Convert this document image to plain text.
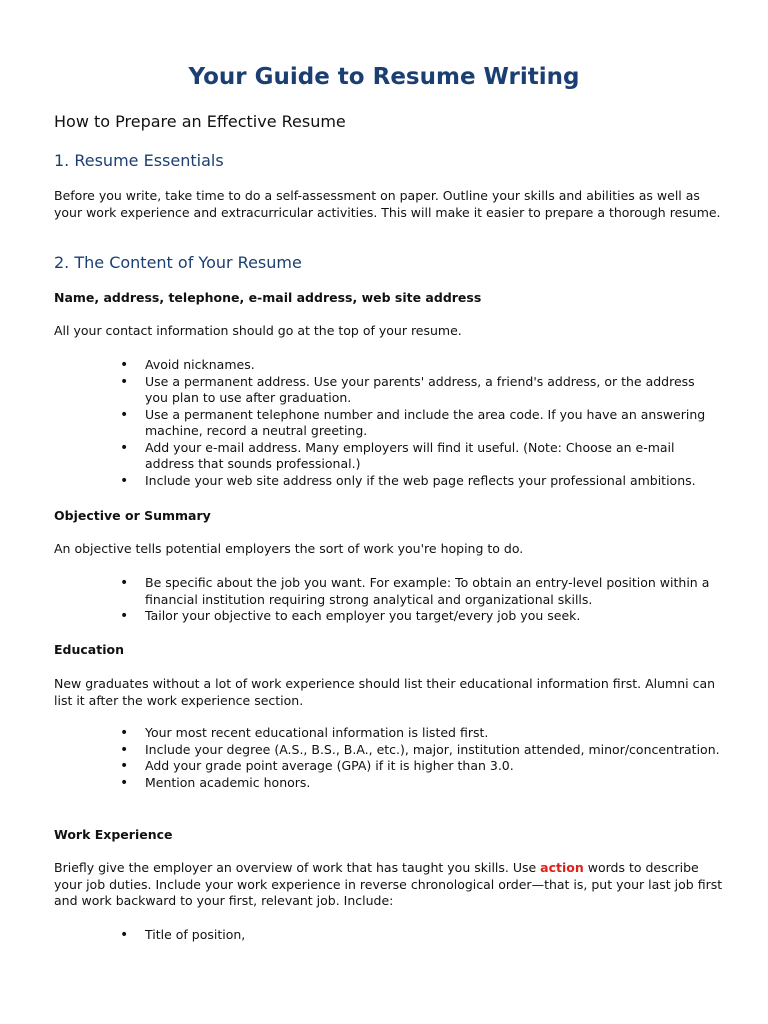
Your Guide to Resume Writing
How to Prepare an Effective Resume
1. Resume Essentials
Before you write, take time to do a self-assessment on paper. Outline your skills and abilities as well as your work experience and extracurricular activities. This will make it easier to prepare a thorough resume.
2. The Content of Your Resume
Name, address, telephone, e-mail address, web site address
All your contact information should go at the top of your resume.
• Avoid nicknames.
• Use a permanent address. Use your parents' address, a friend's address, or the address you plan to use after graduation.
• Use a permanent telephone number and include the area code. If you have an answering machine, record a neutral greeting.
• Add your e-mail address. Many employers will find it useful. (Note: Choose an e-mail address that sounds professional.)
• Include your web site address only if the web page reflects your professional ambitions.
Objective or Summary
An objective tells potential employers the sort of work you're hoping to do.
• Be specific about the job you want. For example: To obtain an entry-level position within a financial institution requiring strong analytical and organizational skills.
• Tailor your objective to each employer you target/every job you seek.
Education
New graduates without a lot of work experience should list their educational information first. Alumni can list it after the work experience section.
• Your most recent educational information is listed first.
• Include your degree (A.S., B.S., B.A., etc.), major, institution attended, minor/concentration.
• Add your grade point average (GPA) if it is higher than 3.0.
• Mention academic honors.
Work Experience
Briefly give the employer an overview of work that has taught you skills. Use action words to describe your job duties. Include your work experience in reverse chronological order—that is, put your last job first and work backward to your first, relevant job. Include:
• Title of position,
